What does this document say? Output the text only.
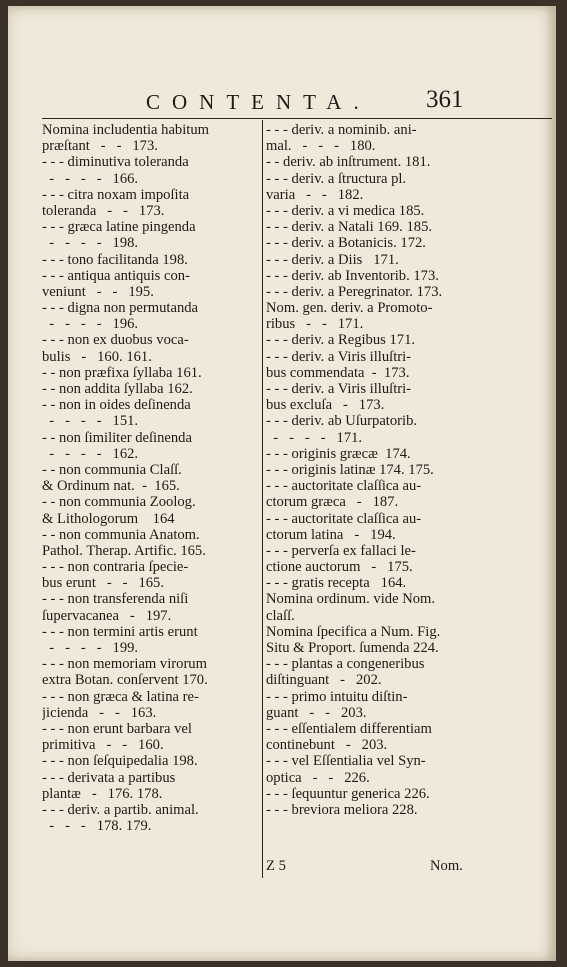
CONTENTA. 361
Nomina includentia habitum
præſtant   -   -   173.
- - - diminutiva toleranda
-   -   -   -   166.
- - - citra noxam impoſita
toleranda   -   -   173.
- - - græca latine pingenda
-   -   -   -   198.
- - - tono facilitanda 198.
- - - antiqua antiquis con-
veniunt   -   -   195.
- - - digna non permutanda
-   -   -   -   196.
- - - non ex duobus voca-
bulis   -   160. 161.
- - non præfixa ſyllaba 161.
- - non addita ſyllaba 162.
- - non in oides deſinenda
-   -   -   -   151.
- - non ſimiliter deſinenda
-   -   -   -   162.
- - non communia Claſſ.
& Ordinum nat.  -  165.
- - non communia Zoolog.
& Lithologorum    164
- - non communia Anatom.
Pathol. Therap. Artific. 165.
- - - non contraria ſpecie-
bus erunt   -   -   165.
- - - non transferenda niſi
ſupervacanea   -   197.
- - - non termini artis erunt
-   -   -   -   199.
- - - non memoriam virorum
extra Botan. conſervent 170.
- - - non græca & latina re-
jicienda   -   -   163.
- - - non erunt barbara vel
primitiva   -   -   160.
- - - non ſeſquipedalia 198.
- - - derivata a partibus
plantæ   -   176. 178.
- - - deriv. a partib. animal.
-   -   -   178. 179.
- - - deriv. a nominib. ani-
mal.   -   -   -   180.
- - deriv. ab inſtrument. 181.
- - - deriv. a ſtructura pl.
varia   -   -   182.
- - - deriv. a vi medica 185.
- - - deriv. a Natali 169. 185.
- - - deriv. a Botanicis. 172.
- - - deriv. a Diis   171.
- - - deriv. ab Inventorib. 173.
- - - deriv. a Peregrinator. 173.
Nom. gen. deriv. a Promoto-
ribus   -   -   171.
- - - deriv. a Regibus 171.
- - - deriv. a Viris illuſtri-
bus commendata  -  173.
- - - deriv. a Viris illuſtri-
bus excluſa   -   173.
- - - deriv. ab Uſurpatorib.
-   -   -   -   171.
- - - originis græcæ  174.
- - - originis latinæ 174. 175.
- - - auctoritate claſſica au-
ctorum græca   -   187.
- - - auctoritate claſſica au-
ctorum latina   -   194.
- - - perverſa ex fallaci le-
ctione auctorum   -   175.
- - - gratis recepta   164.
Nomina ordinum. vide Nom.
claſſ.
Nomina ſpecifica a Num. Fig.
Situ & Proport. ſumenda 224.
- - - plantas a congeneribus
diſtinguant   -   202.
- - - primo intuitu diſtin-
guant   -   -   203.
- - - eſſentialem differentiam
continebunt   -   203.
- - - vel Eſſentialia vel Syn-
optica   -   -   226.
- - - ſequuntur generica 226.
- - - breviora meliora 228.
Z 5	Nom.
